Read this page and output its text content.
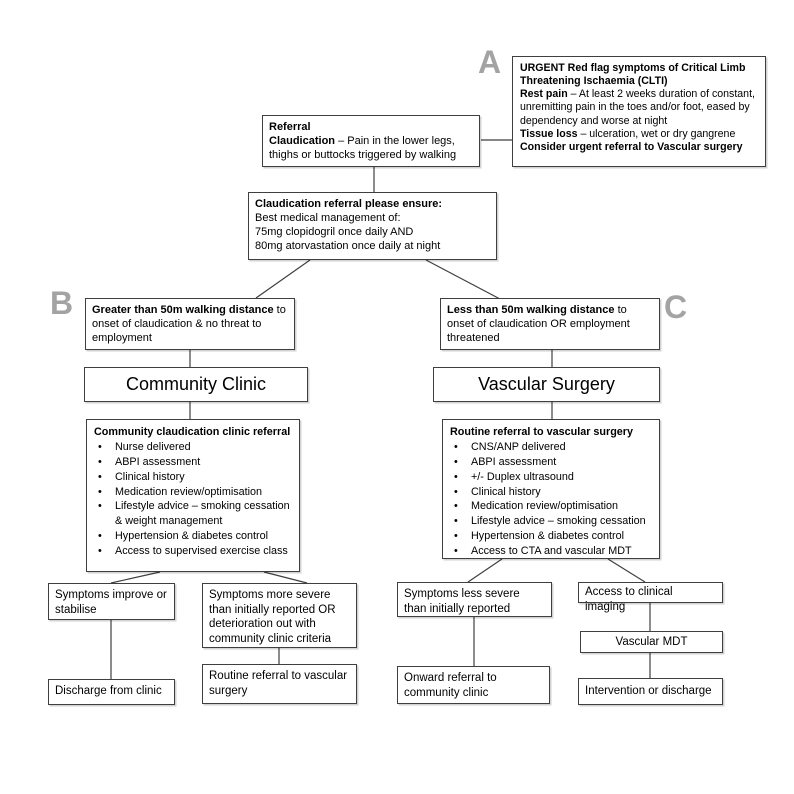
A
B	C
URGENT Red flag symptoms of Critical Limb Threatening Ischaemia (CLTI)
Rest pain – At least 2 weeks duration of constant, unremitting pain in the toes and/or foot, eased by dependency and worse at night
Tissue loss – ulceration, wet or dry gangrene
Consider urgent referral to Vascular surgery
Referral
Claudication – Pain in the lower legs, thighs or buttocks triggered by walking
Claudication referral please ensure:
Best medical management of:
75mg clopidogril once daily AND
80mg atorvastation once daily at night
Greater than 50m walking distance to onset of claudication & no threat to employment
Less than 50m walking distance to onset of claudication OR employment threatened
Community Clinic	Vascular Surgery
Community claudication clinic referral
•	Nurse delivered
•	ABPI assessment
•	Clinical history
•	Medication review/optimisation
•	Lifestyle advice – smoking cessation & weight management
•	Hypertension & diabetes control
•	Access to supervised exercise class
Routine referral to vascular surgery
•	CNS/ANP delivered
•	ABPI assessment
•	+/- Duplex ultrasound
•	Clinical history
•	Medication review/optimisation
•	Lifestyle advice – smoking cessation
•	Hypertension & diabetes control
•	Access to CTA and vascular MDT
Symptoms improve or stabilise
Symptoms more severe than initially reported OR deterioration out with community clinic criteria
Discharge from clinic
Routine referral to vascular surgery
Symptoms less severe than initially reported
Access to clinical imaging
Onward referral to community clinic
Vascular MDT
Intervention or discharge
